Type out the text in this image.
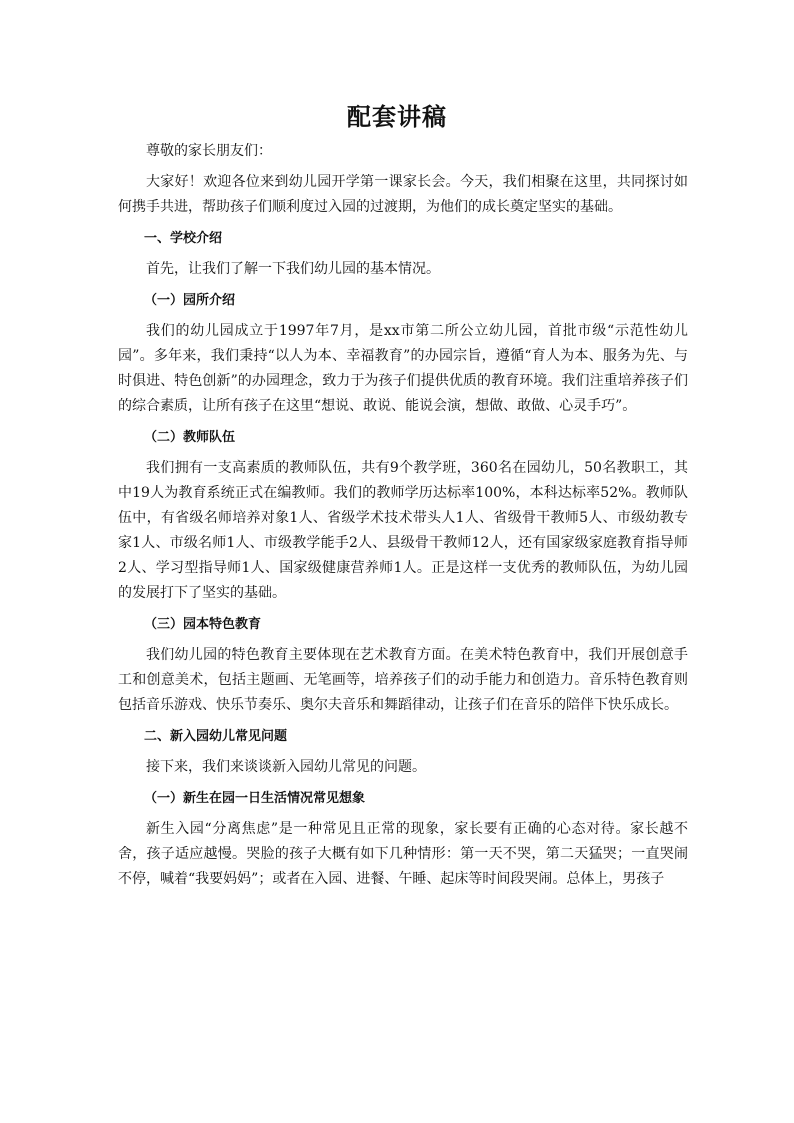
配套讲稿

尊敬的家长朋友们：

大家好！欢迎各位来到幼儿园开学第一课家长会。今天，我们相聚在这里，共同探讨如何携手共进，帮助孩子们顺利度过入园的过渡期，为他们的成长奠定坚实的基础。

一、学校介绍

首先，让我们了解一下我们幼儿园的基本情况。

（一）园所介绍

我们的幼儿园成立于1997年7月，是xx市第二所公立幼儿园，首批市级“示范性幼儿园”。多年来，我们秉持“以人为本、幸福教育”的办园宗旨，遵循“育人为本、服务为先、与时俱进、特色创新”的办园理念，致力于为孩子们提供优质的教育环境。我们注重培养孩子们的综合素质，让所有孩子在这里“想说、敢说、能说会演，想做、敢做、心灵手巧”。

（二）教师队伍

我们拥有一支高素质的教师队伍，共有9个教学班，360名在园幼儿，50名教职工，其中19人为教育系统正式在编教师。我们的教师学历达标率100%，本科达标率52%。教师队伍中，有省级名师培养对象1人、省级学术技术带头人1人、省级骨干教师5人、市级幼教专家1人、市级名师1人、市级教学能手2人、县级骨干教师12人，还有国家级家庭教育指导师2人、学习型指导师1人、国家级健康营养师1人。正是这样一支优秀的教师队伍，为幼儿园的发展打下了坚实的基础。

（三）园本特色教育

我们幼儿园的特色教育主要体现在艺术教育方面。在美术特色教育中，我们开展创意手工和创意美术，包括主题画、无笔画等，培养孩子们的动手能力和创造力。音乐特色教育则包括音乐游戏、快乐节奏乐、奥尔夫音乐和舞蹈律动，让孩子们在音乐的陪伴下快乐成长。

二、新入园幼儿常见问题

接下来，我们来谈谈新入园幼儿常见的问题。

（一）新生在园一日生活情况常见想象

新生入园“分离焦虑”是一种常见且正常的现象，家长要有正确的心态对待。家长越不舍，孩子适应越慢。哭脸的孩子大概有如下几种情形：第一天不哭，第二天猛哭；一直哭闹不停，喊着“我要妈妈”；或者在入园、进餐、午睡、起床等时间段哭闹。总体上，男孩子
